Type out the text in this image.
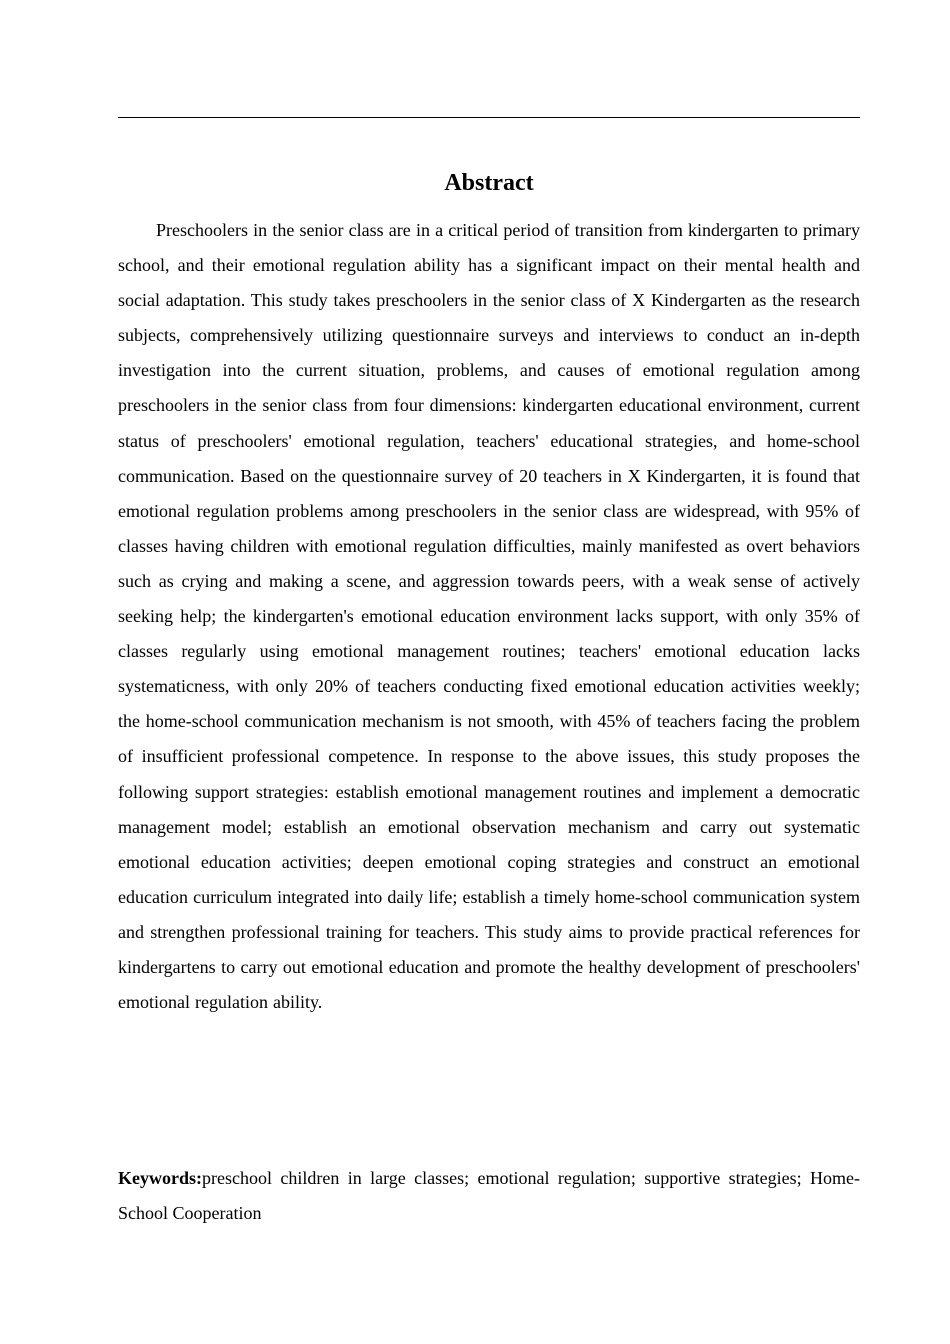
Abstract

Preschoolers in the senior class are in a critical period of transition from kindergarten to primary school, and their emotional regulation ability has a significant impact on their mental health and social adaptation. This study takes preschoolers in the senior class of X Kindergarten as the research subjects, comprehensively utilizing questionnaire surveys and interviews to conduct an in-depth investigation into the current situation, problems, and causes of emotional regulation among preschoolers in the senior class from four dimensions: kindergarten educational environment, current status of preschoolers' emotional regulation, teachers' educational strategies, and home-school communication. Based on the questionnaire survey of 20 teachers in X Kindergarten, it is found that emotional regulation problems among preschoolers in the senior class are widespread, with 95% of classes having children with emotional regulation difficulties, mainly manifested as overt behaviors such as crying and making a scene, and aggression towards peers, with a weak sense of actively seeking help; the kindergarten's emotional education environment lacks support, with only 35% of classes regularly using emotional management routines; teachers' emotional education lacks systematicness, with only 20% of teachers conducting fixed emotional education activities weekly; the home-school communication mechanism is not smooth, with 45% of teachers facing the problem of insufficient professional competence. In response to the above issues, this study proposes the following support strategies: establish emotional management routines and implement a democratic management model; establish an emotional observation mechanism and carry out systematic emotional education activities; deepen emotional coping strategies and construct an emotional education curriculum integrated into daily life; establish a timely home-school communication system and strengthen professional training for teachers. This study aims to provide practical references for kindergartens to carry out emotional education and promote the healthy development of preschoolers' emotional regulation ability.

Keywords:preschool children in large classes; emotional regulation; supportive strategies; Home-School Cooperation
